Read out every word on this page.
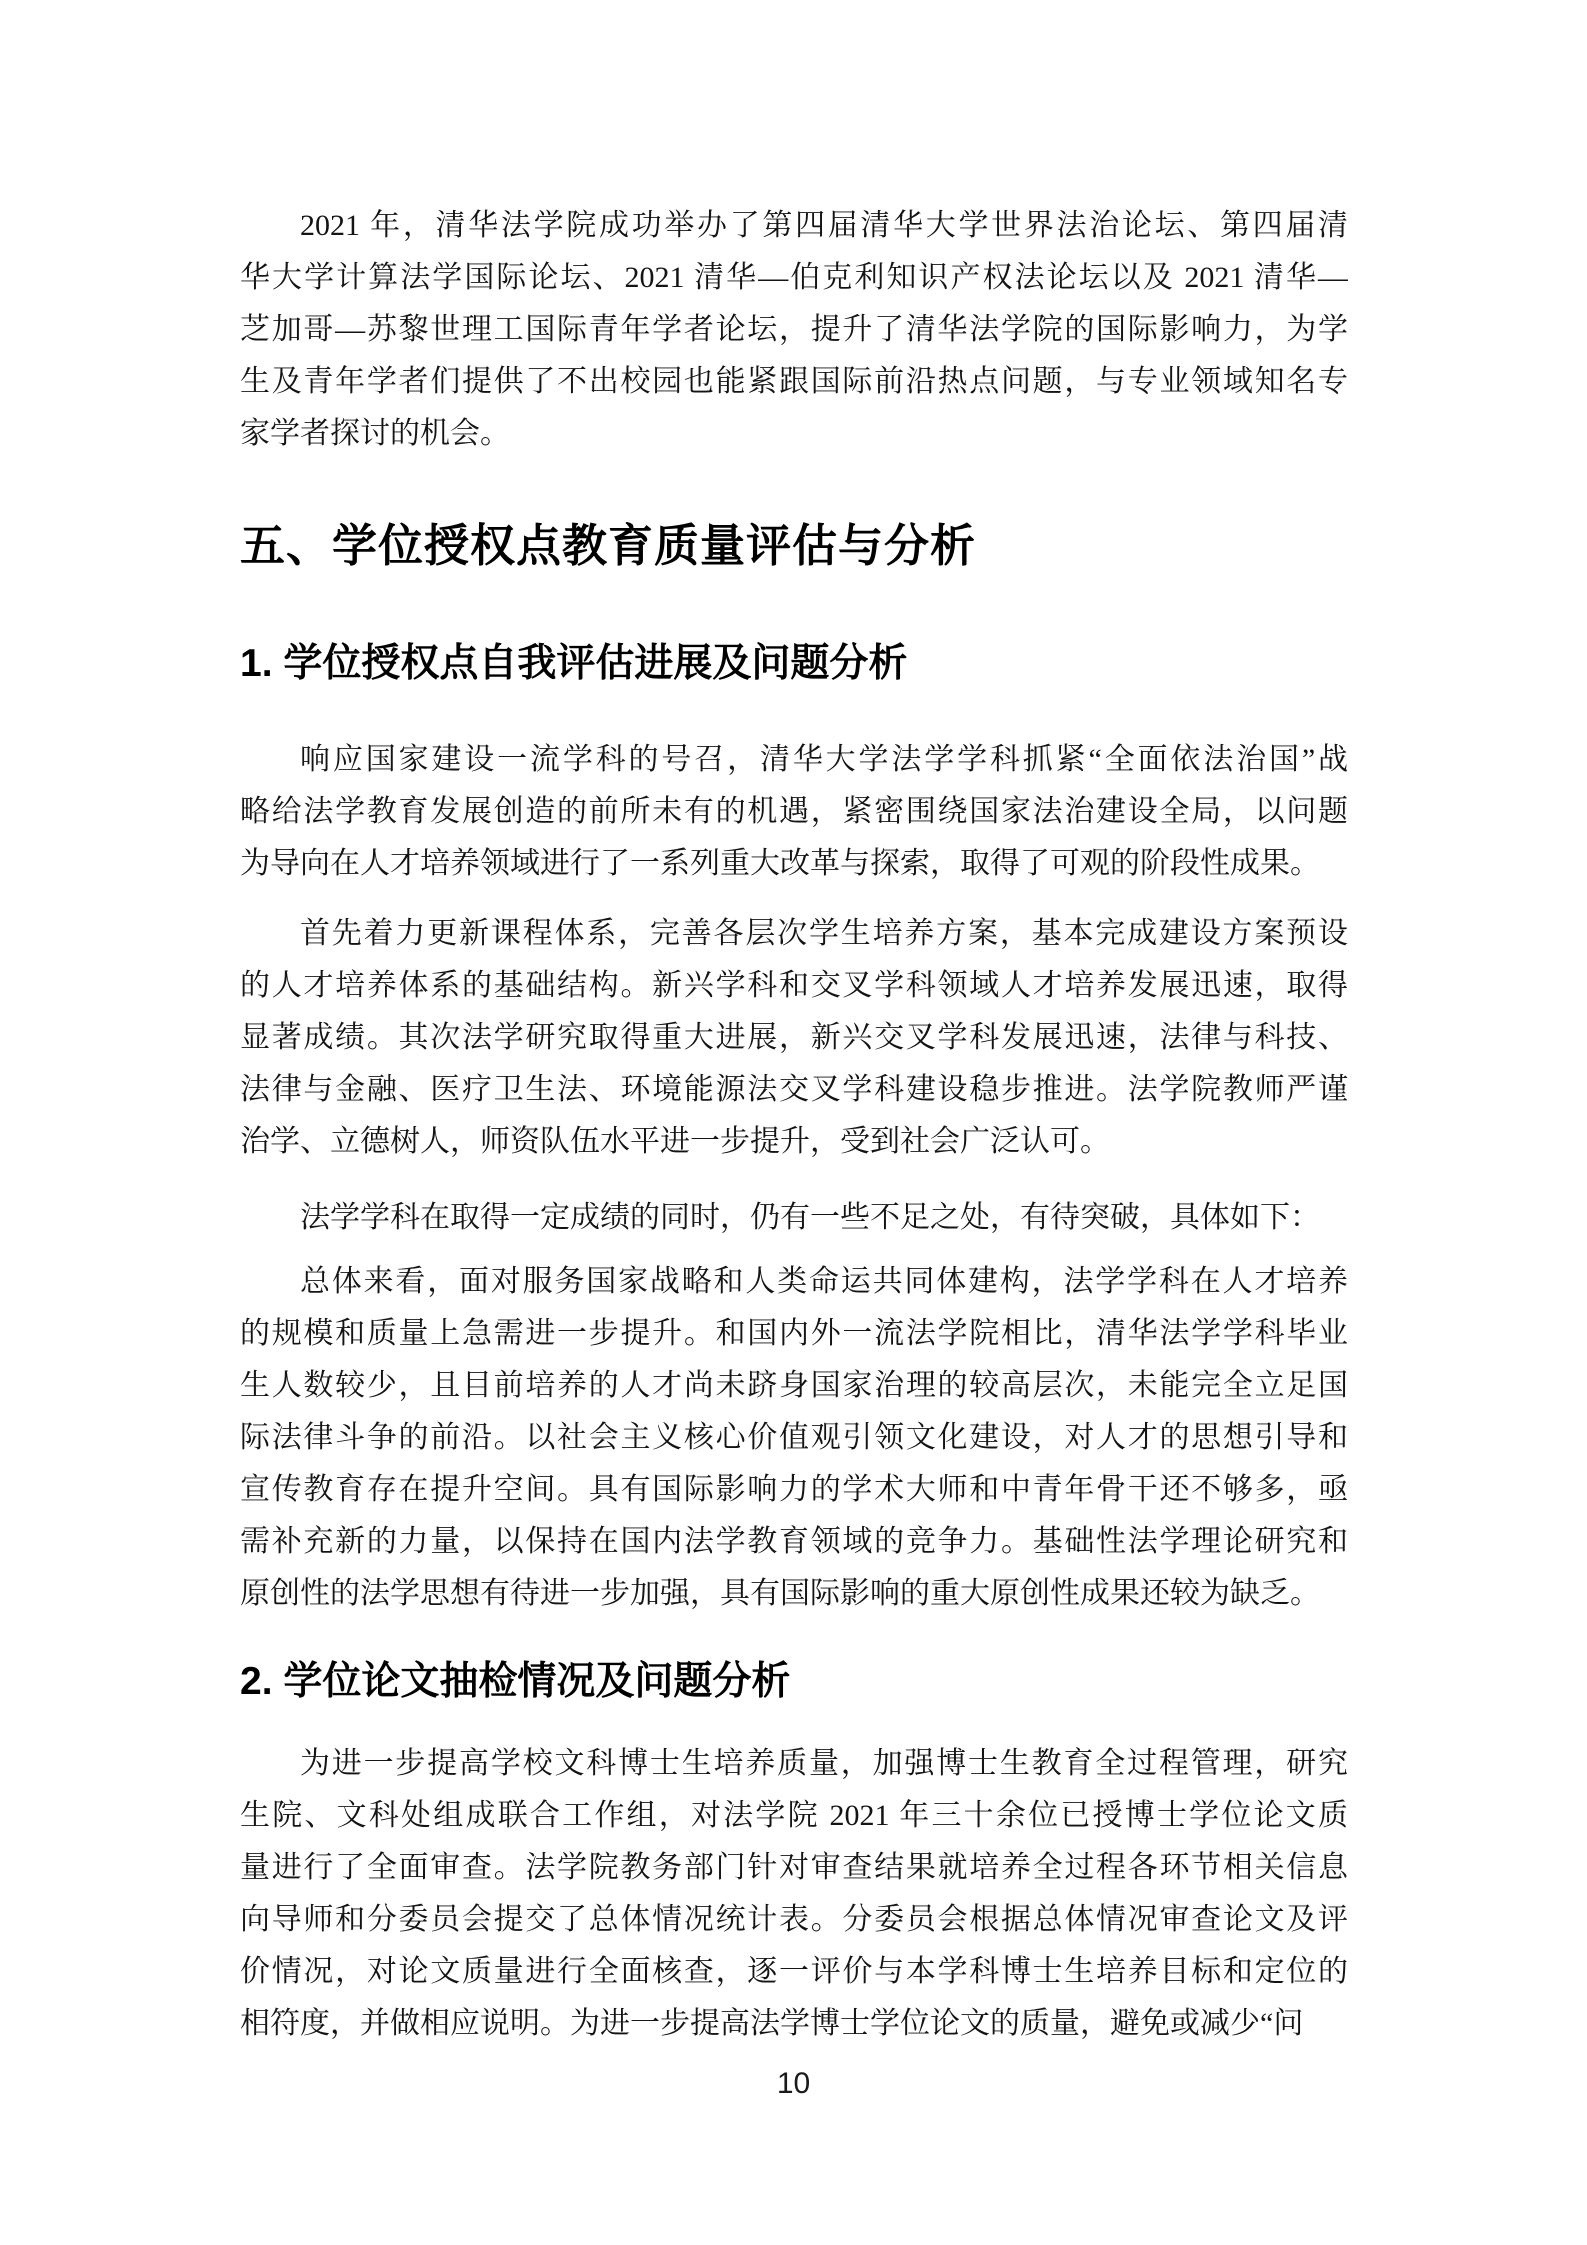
2021 年，清华法学院成功举办了第四届清华大学世界法治论坛、第四届清
华大学计算法学国际论坛、2021 清华—伯克利知识产权法论坛以及 2021 清华—
芝加哥—苏黎世理工国际青年学者论坛，提升了清华法学院的国际影响力，为学
生及青年学者们提供了不出校园也能紧跟国际前沿热点问题，与专业领域知名专
家学者探讨的机会。
五、学位授权点教育质量评估与分析
1. 学位授权点自我评估进展及问题分析
响应国家建设一流学科的号召，清华大学法学学科抓紧“全面依法治国”战
略给法学教育发展创造的前所未有的机遇，紧密围绕国家法治建设全局，以问题
为导向在人才培养领域进行了一系列重大改革与探索，取得了可观的阶段性成果。
首先着力更新课程体系，完善各层次学生培养方案，基本完成建设方案预设
的人才培养体系的基础结构。新兴学科和交叉学科领域人才培养发展迅速，取得
显著成绩。其次法学研究取得重大进展，新兴交叉学科发展迅速，法律与科技、
法律与金融、医疗卫生法、环境能源法交叉学科建设稳步推进。法学院教师严谨
治学、立德树人，师资队伍水平进一步提升，受到社会广泛认可。
法学学科在取得一定成绩的同时，仍有一些不足之处，有待突破，具体如下：
总体来看，面对服务国家战略和人类命运共同体建构，法学学科在人才培养
的规模和质量上急需进一步提升。和国内外一流法学院相比，清华法学学科毕业
生人数较少，且目前培养的人才尚未跻身国家治理的较高层次，未能完全立足国
际法律斗争的前沿。以社会主义核心价值观引领文化建设，对人才的思想引导和
宣传教育存在提升空间。具有国际影响力的学术大师和中青年骨干还不够多，亟
需补充新的力量，以保持在国内法学教育领域的竞争力。基础性法学理论研究和
原创性的法学思想有待进一步加强，具有国际影响的重大原创性成果还较为缺乏。
2. 学位论文抽检情况及问题分析
为进一步提高学校文科博士生培养质量，加强博士生教育全过程管理，研究
生院、文科处组成联合工作组，对法学院 2021 年三十余位已授博士学位论文质
量进行了全面审查。法学院教务部门针对审查结果就培养全过程各环节相关信息
向导师和分委员会提交了总体情况统计表。分委员会根据总体情况审查论文及评
价情况，对论文质量进行全面核查，逐一评价与本学科博士生培养目标和定位的
相符度，并做相应说明。为进一步提高法学博士学位论文的质量，避免或减少“问
10
